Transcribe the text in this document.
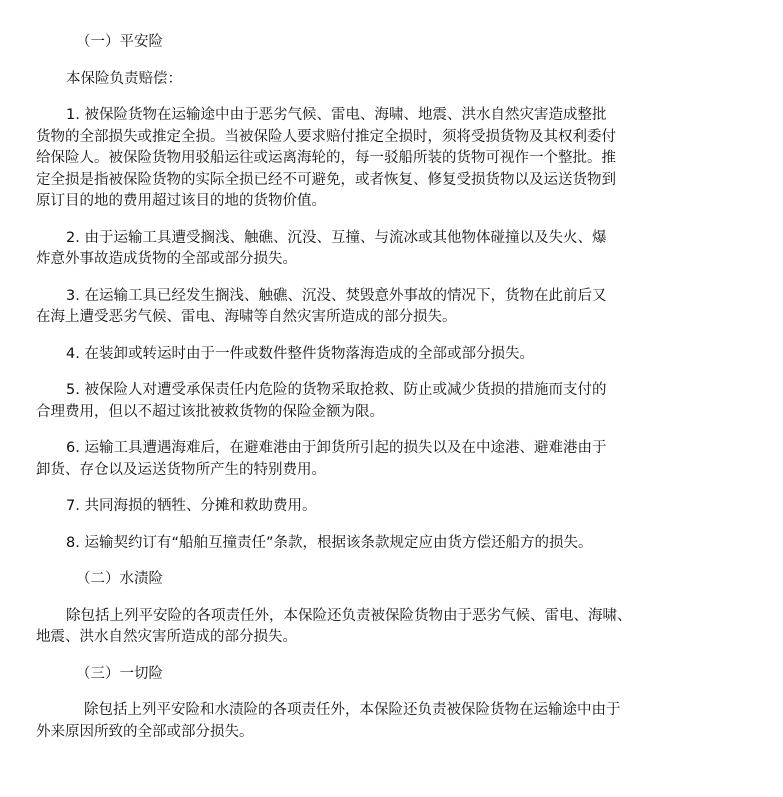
（一）平安险

本保险负责赔偿：

1. 被保险货物在运输途中由于恶劣气候、雷电、海啸、地震、洪水自然灾害造成整批

货物的全部损失或推定全损。当被保险人要求赔付推定全损时，须将受损货物及其权利委付

给保险人。被保险货物用驳船运往或运离海轮的，每一驳船所装的货物可视作一个整批。推

定全损是指被保险货物的实际全损已经不可避免，或者恢复、修复受损货物以及运送货物到

原订目的地的费用超过该目的地的货物价值。

2. 由于运输工具遭受搁浅、触礁、沉没、互撞、与流冰或其他物体碰撞以及失火、爆

炸意外事故造成货物的全部或部分损失。

3. 在运输工具已经发生搁浅、触礁、沉没、焚毁意外事故的情况下，货物在此前后又

在海上遭受恶劣气候、雷电、海啸等自然灾害所造成的部分损失。

4. 在装卸或转运时由于一件或数件整件货物落海造成的全部或部分损失。

5. 被保险人对遭受承保责任内危险的货物采取抢救、防止或减少货损的措施而支付的

合理费用，但以不超过该批被救货物的保险金额为限。

6. 运输工具遭遇海难后，在避难港由于卸货所引起的损失以及在中途港、避难港由于

卸货、存仓以及运送货物所产生的特别费用。

7. 共同海损的牺牲、分摊和救助费用。

8. 运输契约订有“船舶互撞责任”条款，根据该条款规定应由货方偿还船方的损失。

（二）水渍险

除包括上列平安险的各项责任外，本保险还负责被保险货物由于恶劣气候、雷电、海啸、

地震、洪水自然灾害所造成的部分损失。

（三）一切险

除包括上列平安险和水渍险的各项责任外，本保险还负责被保险货物在运输途中由于

外来原因所致的全部或部分损失。
